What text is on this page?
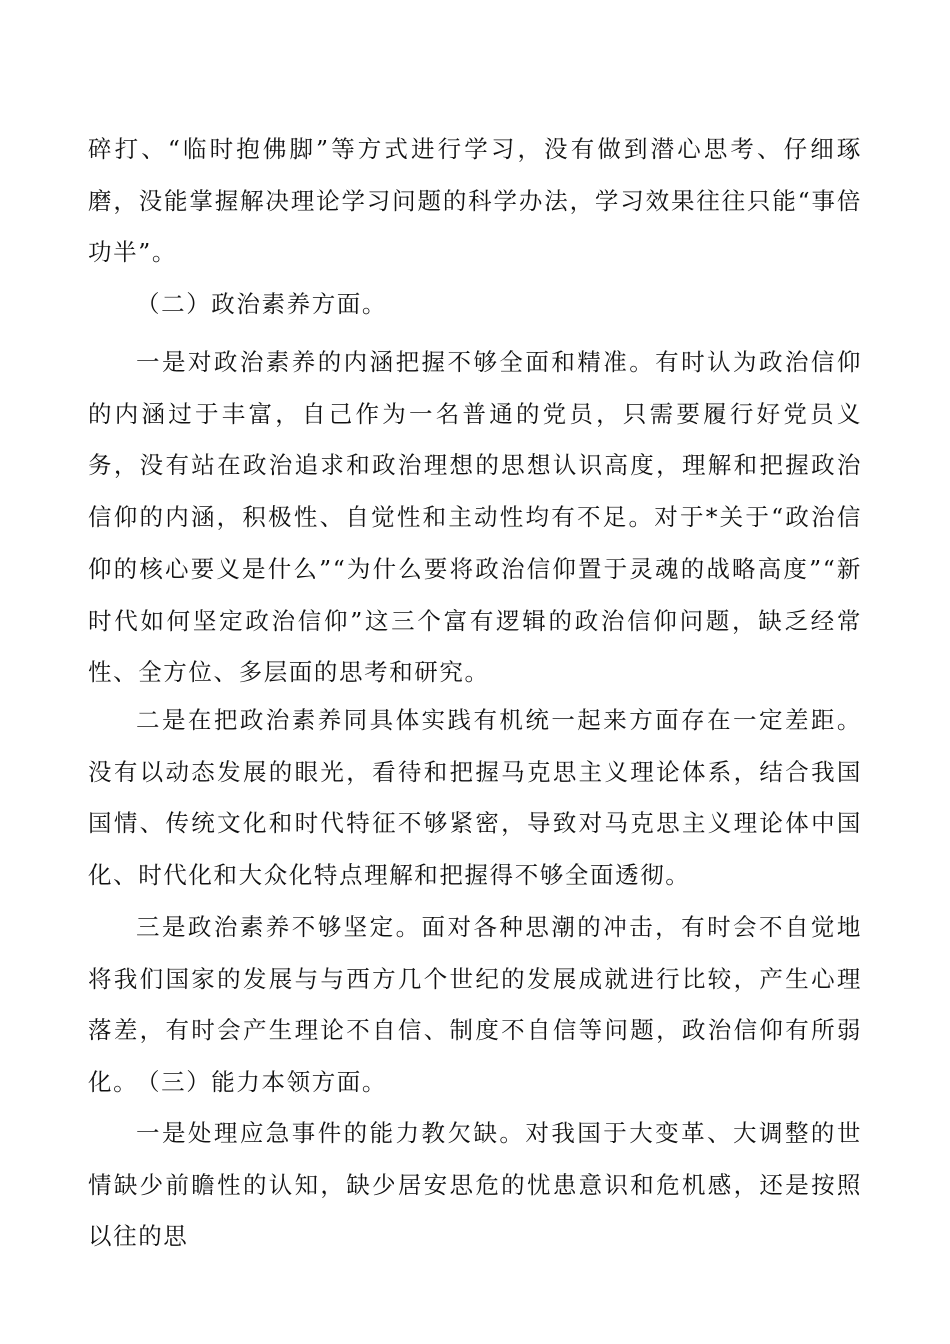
碎打、“临时抱佛脚”等方式进行学习，没有做到潜心思考、仔细琢磨，没能掌握解决理论学习问题的科学办法，学习效果往往只能“事倍功半”。

（二）政治素养方面。

一是对政治素养的内涵把握不够全面和精准。有时认为政治信仰的内涵过于丰富，自己作为一名普通的党员，只需要履行好党员义务，没有站在政治追求和政治理想的思想认识高度，理解和把握政治信仰的内涵，积极性、自觉性和主动性均有不足。对于*关于“政治信仰的核心要义是什么”“为什么要将政治信仰置于灵魂的战略高度”“新时代如何坚定政治信仰”这三个富有逻辑的政治信仰问题，缺乏经常性、全方位、多层面的思考和研究。

二是在把政治素养同具体实践有机统一起来方面存在一定差距。没有以动态发展的眼光，看待和把握马克思主义理论体系，结合我国国情、传统文化和时代特征不够紧密，导致对马克思主义理论体中国化、时代化和大众化特点理解和把握得不够全面透彻。

三是政治素养不够坚定。面对各种思潮的冲击，有时会不自觉地将我们国家的发展与与西方几个世纪的发展成就进行比较，产生心理落差，有时会产生理论不自信、制度不自信等问题，政治信仰有所弱化。

（三）能力本领方面。

一是处理应急事件的能力教欠缺。对我国于大变革、大调整的世情缺少前瞻性的认知，缺少居安思危的忧患意识和危机感，还是按照以往的思
